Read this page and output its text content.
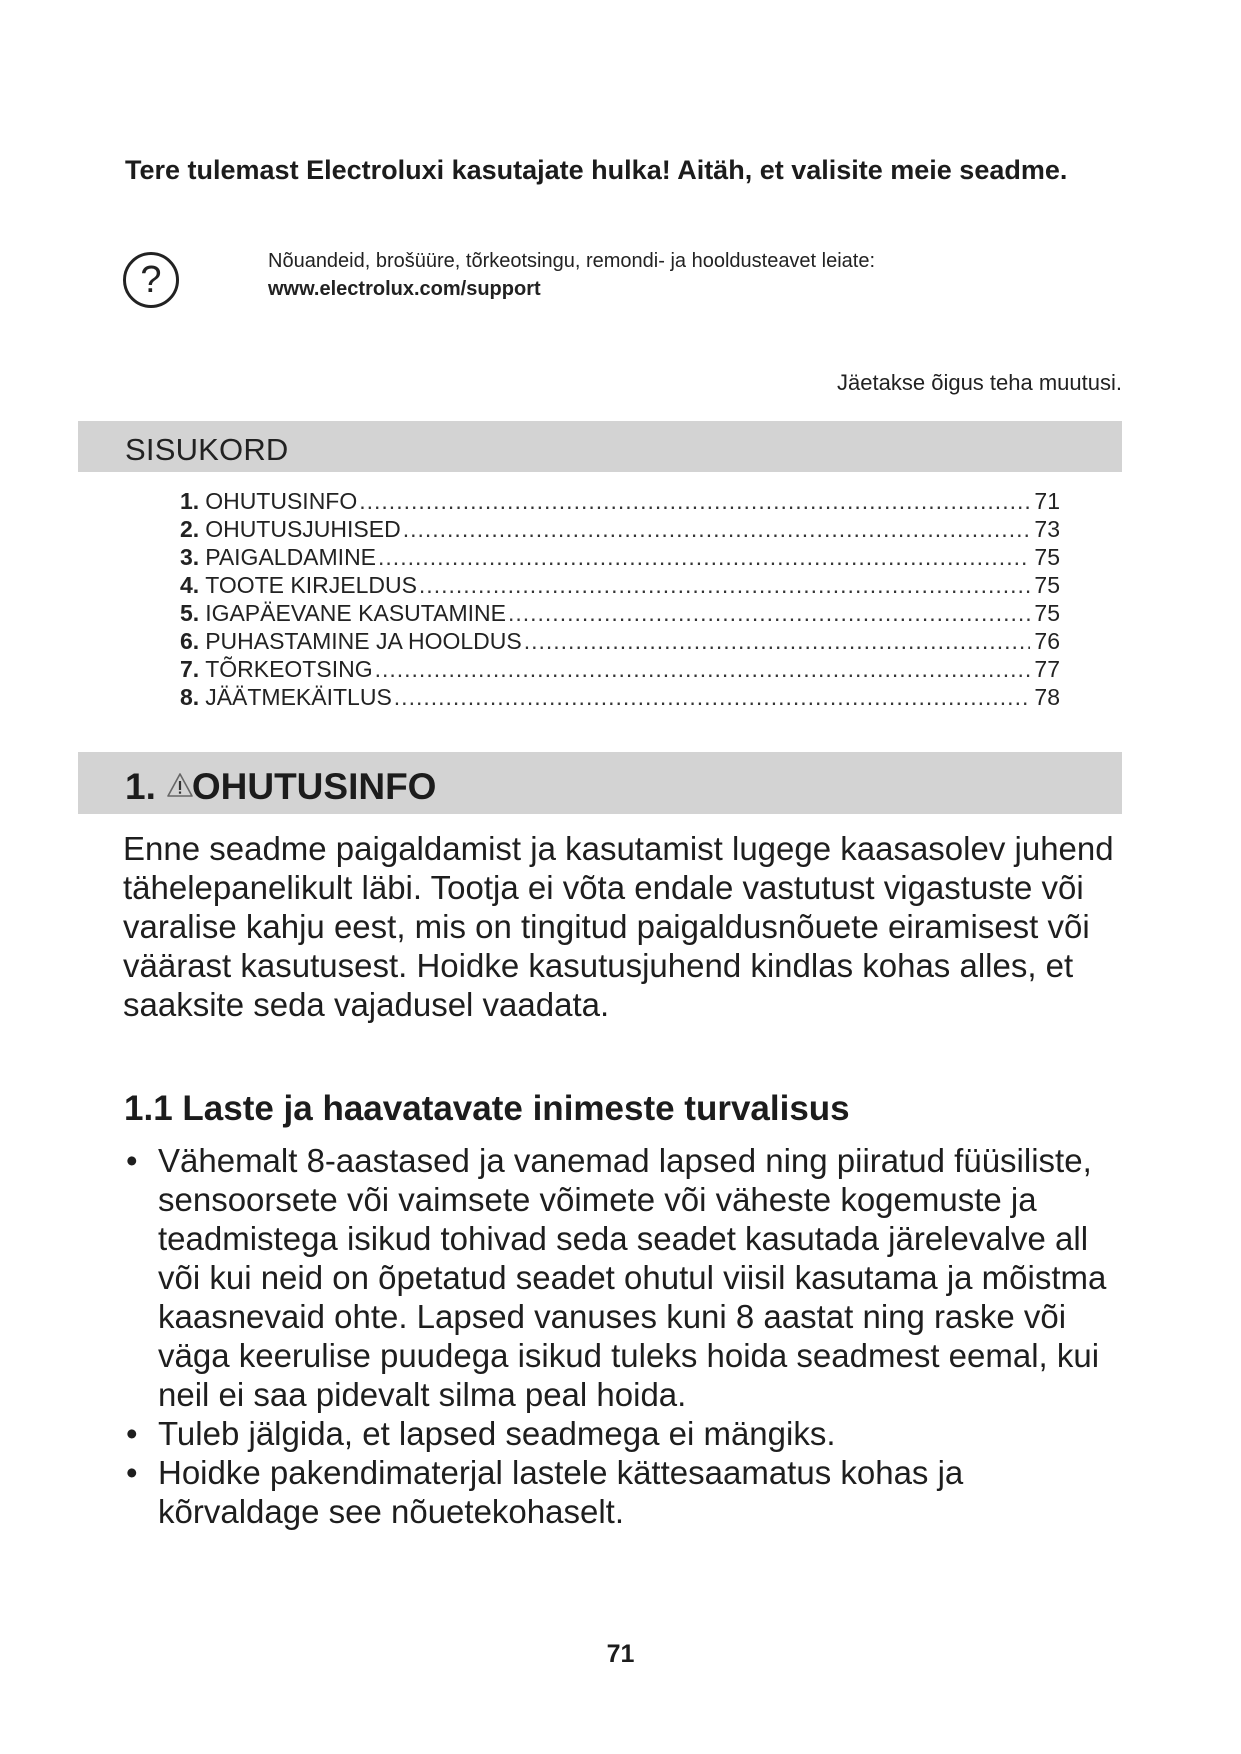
Tere tulemast Electroluxi kasutajate hulka! Aitäh, et valisite meie seadme.
?	Nõuandeid, brošüüre, tõrkeotsingu, remondi- ja hooldusteavet leiate:
www.electrolux.com/support
Jäetakse õigus teha muutusi.
SISUKORD
1. OHUTUSINFO .....	71
2. OHUTUSJUHISED .....	73
3. PAIGALDAMINE .....	75
4. TOOTE KIRJELDUS .....	75
5. IGAPÄEVANE KASUTAMINE .....	75
6. PUHASTAMINE JA HOOLDUS .....	76
7. TÕRKEOTSING .....	77
8. JÄÄTMEKÄITLUS .....	78
1. OHUTUSINFO
Enne seadme paigaldamist ja kasutamist lugege kaasasolev juhend tähelepanelikult läbi. Tootja ei võta endale vastutust vigastuste või varalise kahju eest, mis on tingitud paigaldusnõuete eiramisest või väärast kasutusest. Hoidke kasutusjuhend kindlas kohas alles, et saaksite seda vajadusel vaadata.
1.1 Laste ja haavatavate inimeste turvalisus
• Vähemalt 8-aastased ja vanemad lapsed ning piiratud füüsiliste, sensoorsete või vaimsete võimete või väheste kogemuste ja teadmistega isikud tohivad seda seadet kasutada järelevalve all või kui neid on õpetatud seadet ohutul viisil kasutama ja mõistma kaasnevaid ohte. Lapsed vanuses kuni 8 aastat ning raske või väga keerulise puudega isikud tuleks hoida seadmest eemal, kui neil ei saa pidevalt silma peal hoida.
• Tuleb jälgida, et lapsed seadmega ei mängiks.
• Hoidke pakendimaterjal lastele kättesaamatus kohas ja kõrvaldage see nõuetekohaselt.
71
